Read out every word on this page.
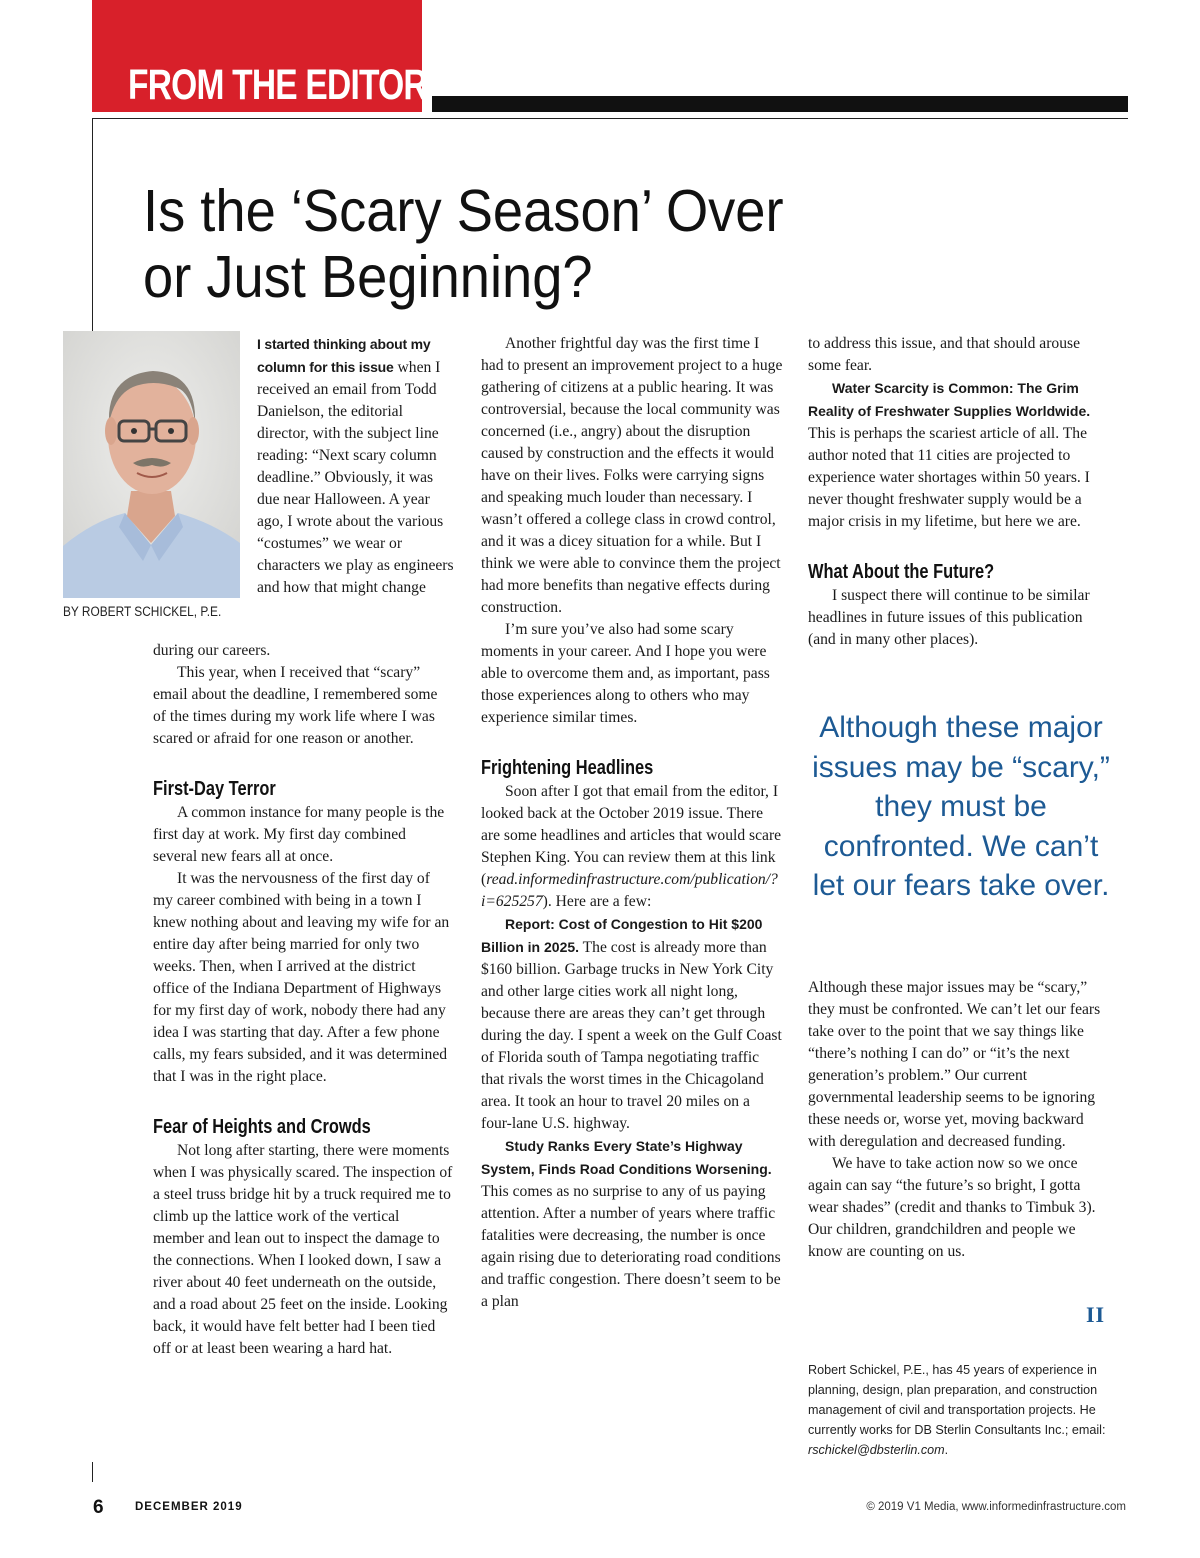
FROM THE EDITOR
Is the ‘Scary Season’ Over
or Just Beginning?
BY ROBERT SCHICKEL, P.E.

I started thinking about my column for this issue when I received an email from Todd Danielson, the editorial director, with the subject line reading: “Next scary column deadline.” Obviously, it was due near Halloween. A year ago, I wrote about the various “costumes” we wear or characters we play as engineers and how that might change

during our careers.

This year, when I received that “scary” email about the deadline, I remembered some of the times during my work life where I was scared or afraid for one reason or another.

First-Day Terror

A common instance for many people is the first day at work. My first day combined several new fears all at once.

It was the nervousness of the first day of my career combined with being in a town I knew nothing about and leaving my wife for an entire day after being married for only two weeks. Then, when I arrived at the district office of the Indiana Department of Highways for my first day of work, nobody there had any idea I was starting that day. After a few phone calls, my fears subsided, and it was determined that I was in the right place.

Fear of Heights and Crowds

Not long after starting, there were moments when I was physically scared. The inspection of a steel truss bridge hit by a truck required me to climb up the lattice work of the vertical member and lean out to inspect the damage to the connections. When I looked down, I saw a river about 40 feet underneath on the outside, and a road about 25 feet on the inside. Looking back, it would have felt better had I been tied off or at least been wearing a hard hat.

Another frightful day was the first time I had to present an improvement project to a huge gathering of citizens at a public hearing. It was controversial, because the local community was concerned (i.e., angry) about the disruption caused by construction and the effects it would have on their lives. Folks were carrying signs and speaking much louder than necessary. I wasn’t offered a college class in crowd control, and it was a dicey situation for a while. But I think we were able to convince them the project had more benefits than negative effects during construction.

I’m sure you’ve also had some scary moments in your career. And I hope you were able to overcome them and, as important, pass those experiences along to others who may experience similar times.

Frightening Headlines

Soon after I got that email from the editor, I looked back at the October 2019 issue. There are some headlines and articles that would scare Stephen King. You can review them at this link (read.informedinfrastructure.com/publication/?i=625257). Here are a few:

Report: Cost of Congestion to Hit $200 Billion in 2025. The cost is already more than $160 billion. Garbage trucks in New York City and other large cities work all night long, because there are areas they can’t get through during the day. I spent a week on the Gulf Coast of Florida south of Tampa negotiating traffic that rivals the worst times in the Chicagoland area. It took an hour to travel 20 miles on a four-lane U.S. highway.

Study Ranks Every State’s Highway System, Finds Road Conditions Worsening. This comes as no surprise to any of us paying attention. After a number of years where traffic fatalities were decreasing, the number is once again rising due to deteriorating road conditions and traffic congestion. There doesn’t seem to be a plan

to address this issue, and that should arouse some fear.

Water Scarcity is Common: The Grim Reality of Freshwater Supplies Worldwide. This is perhaps the scariest article of all. The author noted that 11 cities are projected to experience water shortages within 50 years. I never thought freshwater supply would be a major crisis in my lifetime, but here we are.

What About the Future?

I suspect there will continue to be similar headlines in future issues of this publication (and in many other places).

Although these major issues may be “scary,” they must be confronted. We can’t let our fears take over.

Although these major issues may be “scary,” they must be confronted. We can’t let our fears take over to the point that we say things like “there’s nothing I can do” or “it’s the next generation’s problem.” Our current governmental leadership seems to be ignoring these needs or, worse yet, moving backward with deregulation and decreased funding.

We have to take action now so we once again can say “the future’s so bright, I gotta wear shades” (credit and thanks to Timbuk 3). Our children, grandchildren and people we know are counting on us.

II
Robert Schickel, P.E., has 45 years of experience in planning, design, plan preparation, and construction management of civil and transportation projects. He currently works for DB Sterlin Consultants Inc.; email: rschickel@dbsterlin.com.
6	DECEMBER 2019	© 2019 V1 Media, www.informedinfrastructure.com
